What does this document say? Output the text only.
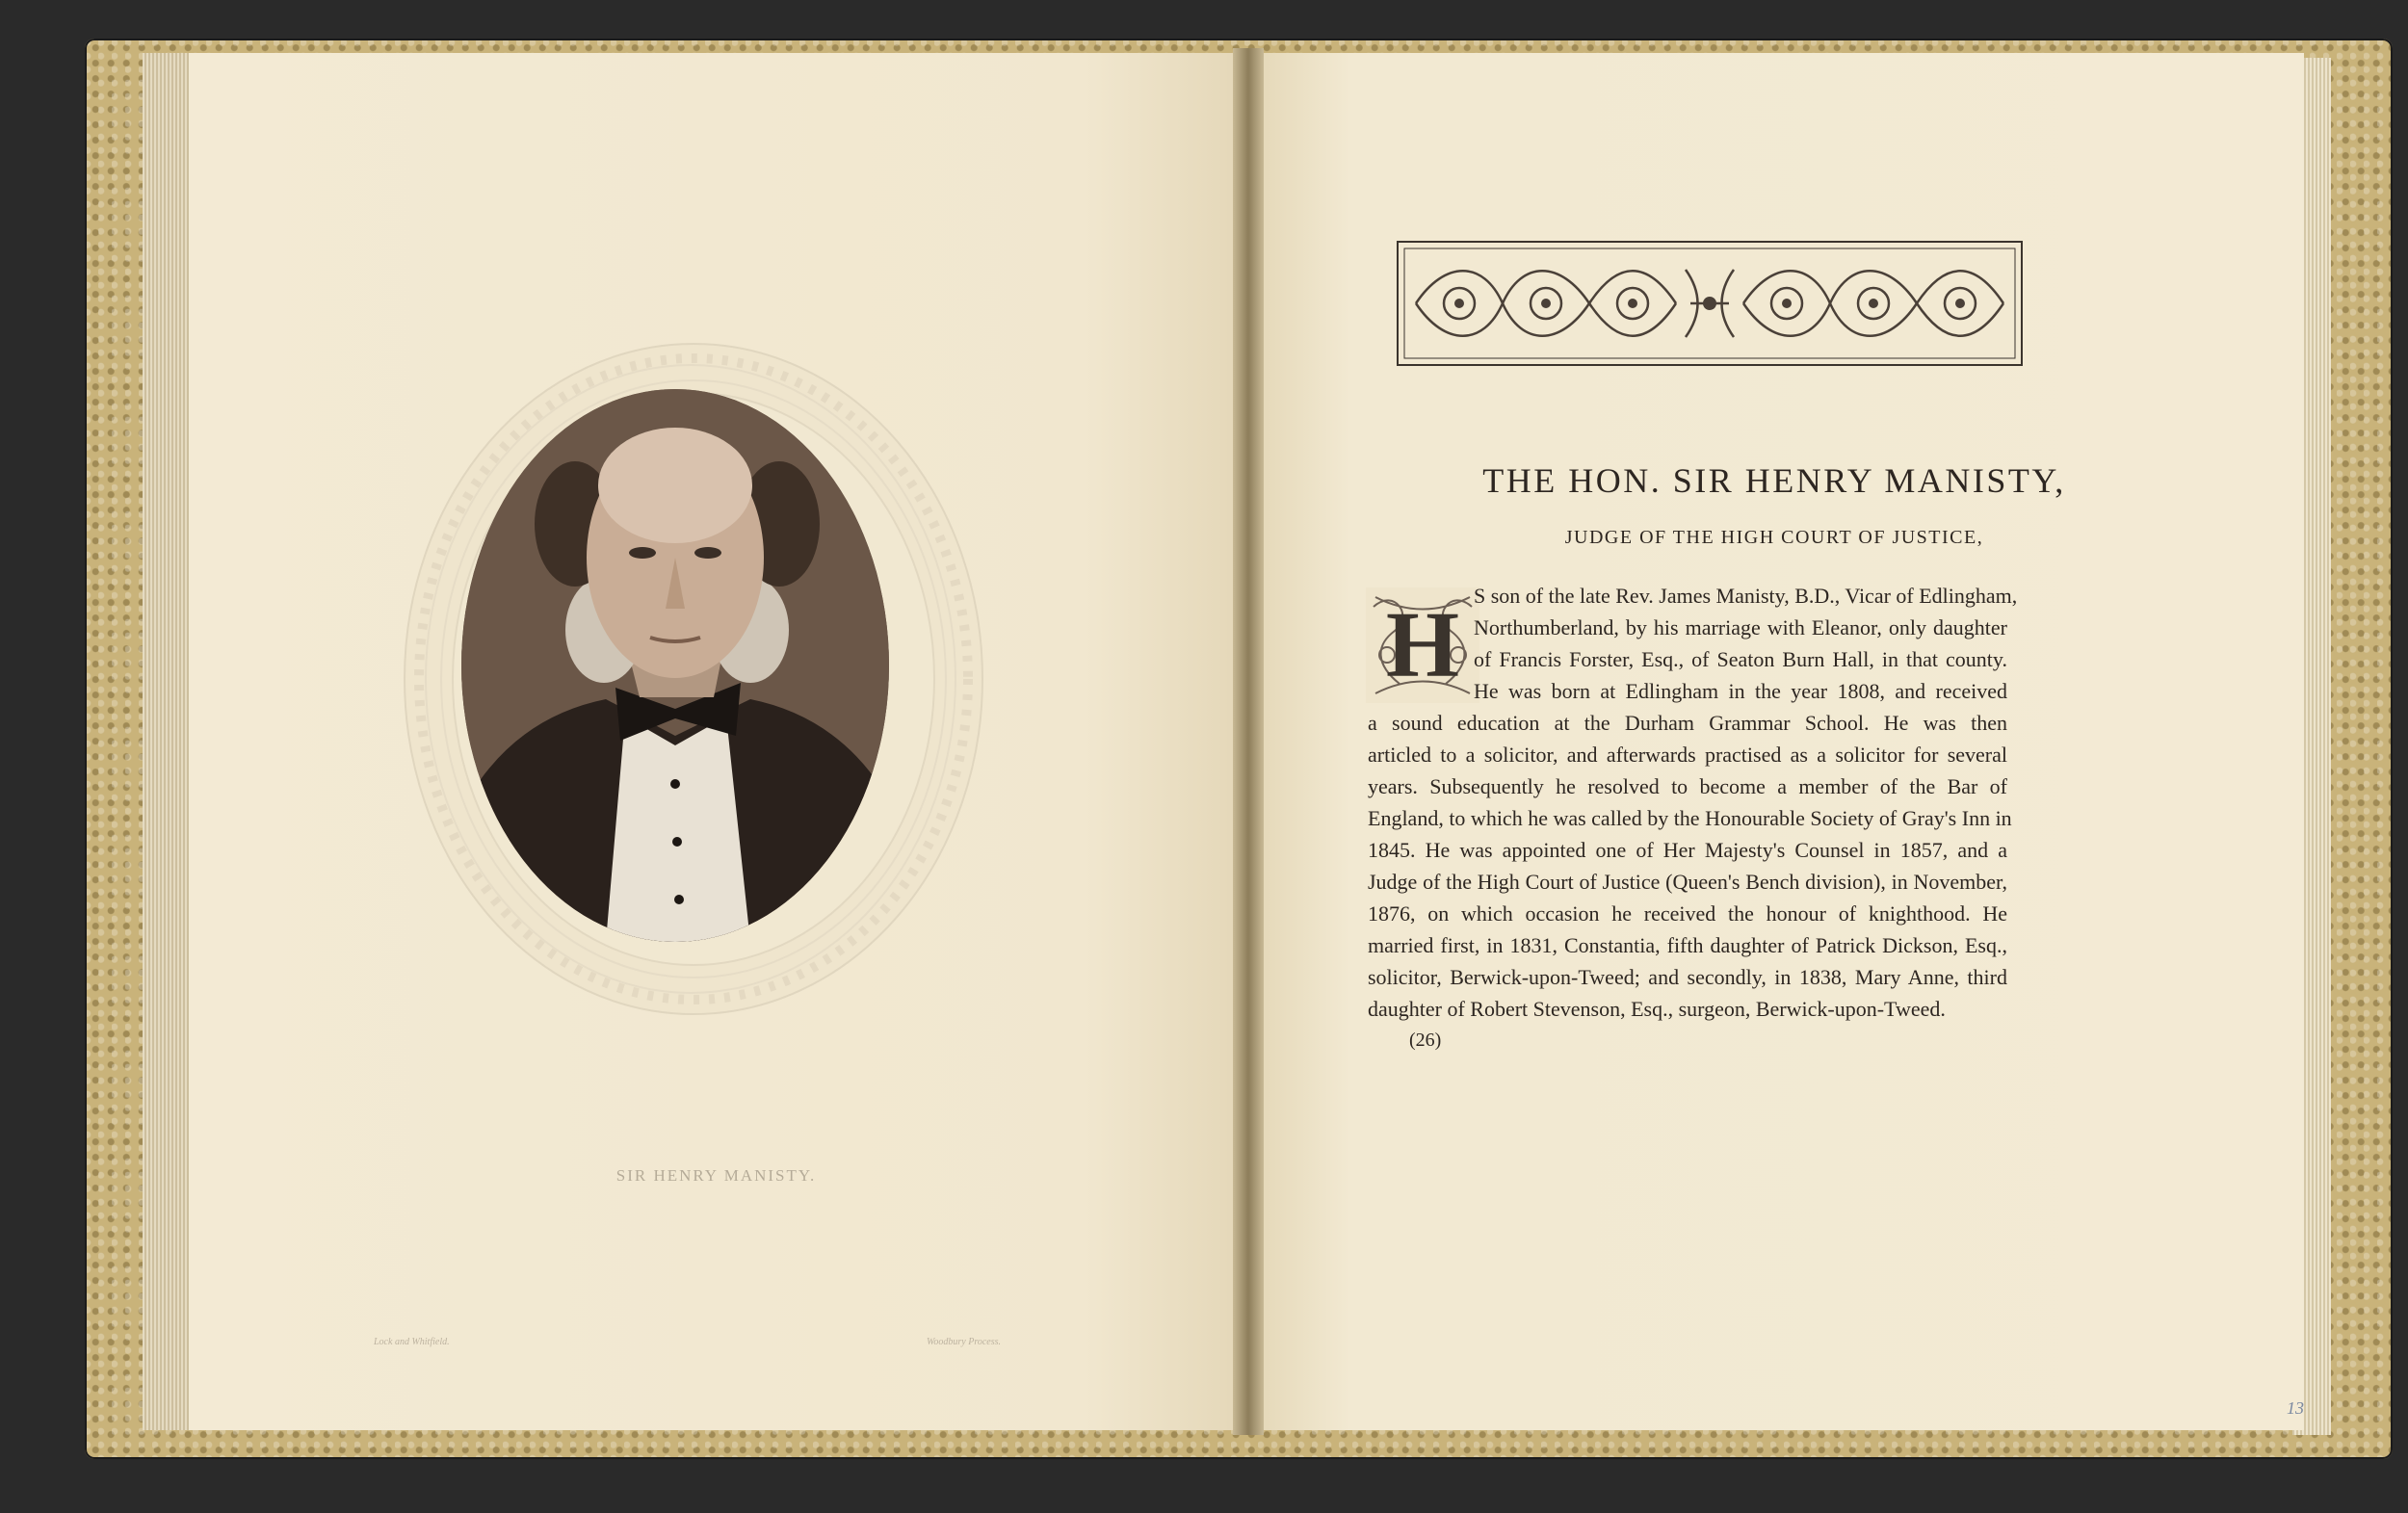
SIR HENRY MANISTY.
Lock and Whitfield.	Woodbury Process.
THE HON. SIR HENRY MANISTY,
JUDGE OF THE HIGH COURT OF JUSTICE,
H S son of the late Rev. James Manisty, B.D., Vicar of Edlingham,
Northumberland, by his marriage with Eleanor, only daughter
of Francis Forster, Esq., of Seaton Burn Hall, in that county.
He was born at Edlingham in the year 1808, and received
a sound education at the Durham Grammar School. He was then
articled to a solicitor, and afterwards practised as a solicitor for several
years. Subsequently he resolved to become a member of the Bar of
England, to which he was called by the Honourable Society of Gray's Inn in
1845. He was appointed one of Her Majesty's Counsel in 1857, and a
Judge of the High Court of Justice (Queen's Bench division), in November,
1876, on which occasion he received the honour of knighthood. He
married first, in 1831, Constantia, fifth daughter of Patrick Dickson, Esq.,
solicitor, Berwick-upon-Tweed; and secondly, in 1838, Mary Anne, third
daughter of Robert Stevenson, Esq., surgeon, Berwick-upon-Tweed.
(26)
13
